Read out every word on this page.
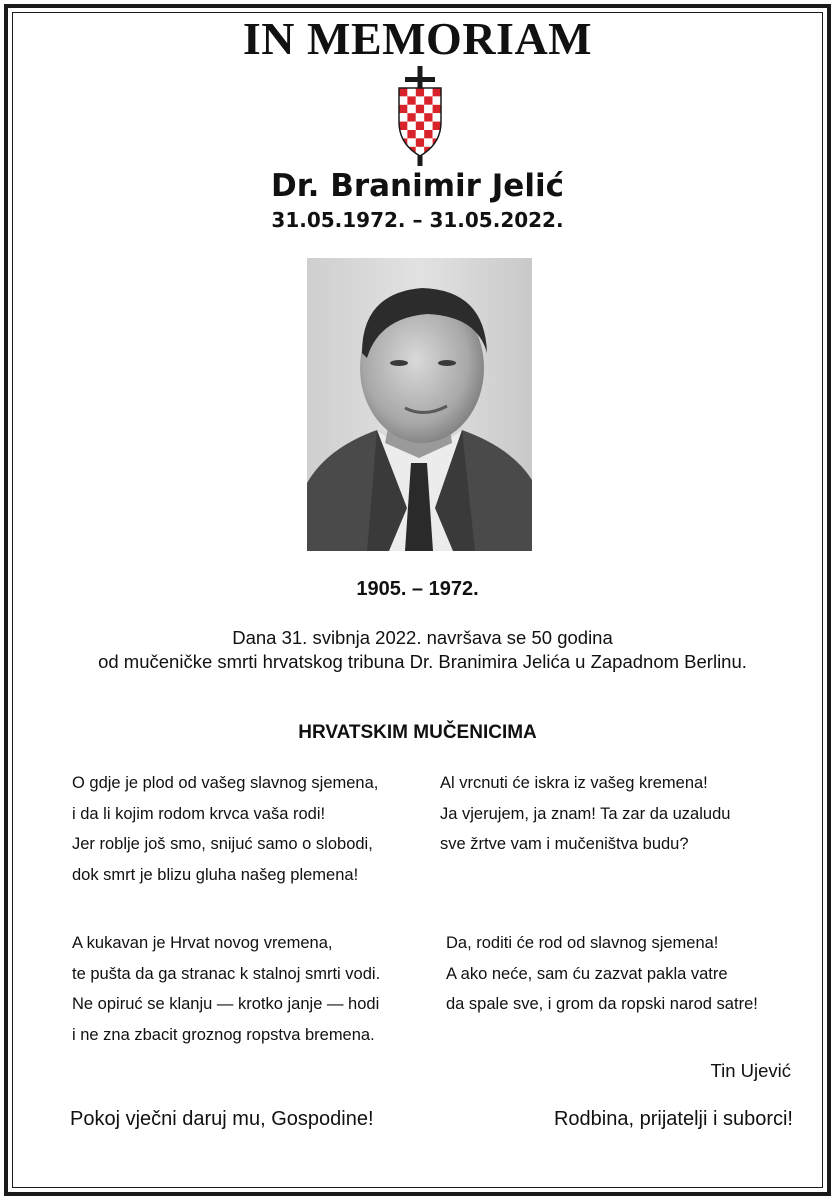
IN MEMORIAM
Dr. Branimir Jelić
31.05.1972. – 31.05.2022.
1905. – 1972.
Dana 31. svibnja 2022. navršava se 50 godina
od mučeničke smrti hrvatskog tribuna Dr. Branimira Jelića u Zapadnom Berlinu.
HRVATSKIM MUČENICIMA
O gdje je plod od vašeg slavnog sjemena,
i da li kojim rodom krvca vaša rodi!
Jer roblje još smo, snijuć samo o slobodi,
dok smrt je blizu gluha našeg plemena!
Al vrcnuti će iskra iz vašeg kremena!
Ja vjerujem, ja znam! Ta zar da uzaludu
sve žrtve vam i mučeništva budu?
A kukavan je Hrvat novog vremena,
te pušta da ga stranac k stalnoj smrti vodi.
Ne opiruć se klanju — krotko janje — hodi
i ne zna zbacit groznog ropstva bremena.
Da, roditi će rod od slavnog sjemena!
A ako neće, sam ću zazvat pakla vatre
da spale sve, i grom da ropski narod satre!
Tin Ujević
Pokoj vječni daruj mu, Gospodine!	Rodbina, prijatelji i suborci!
